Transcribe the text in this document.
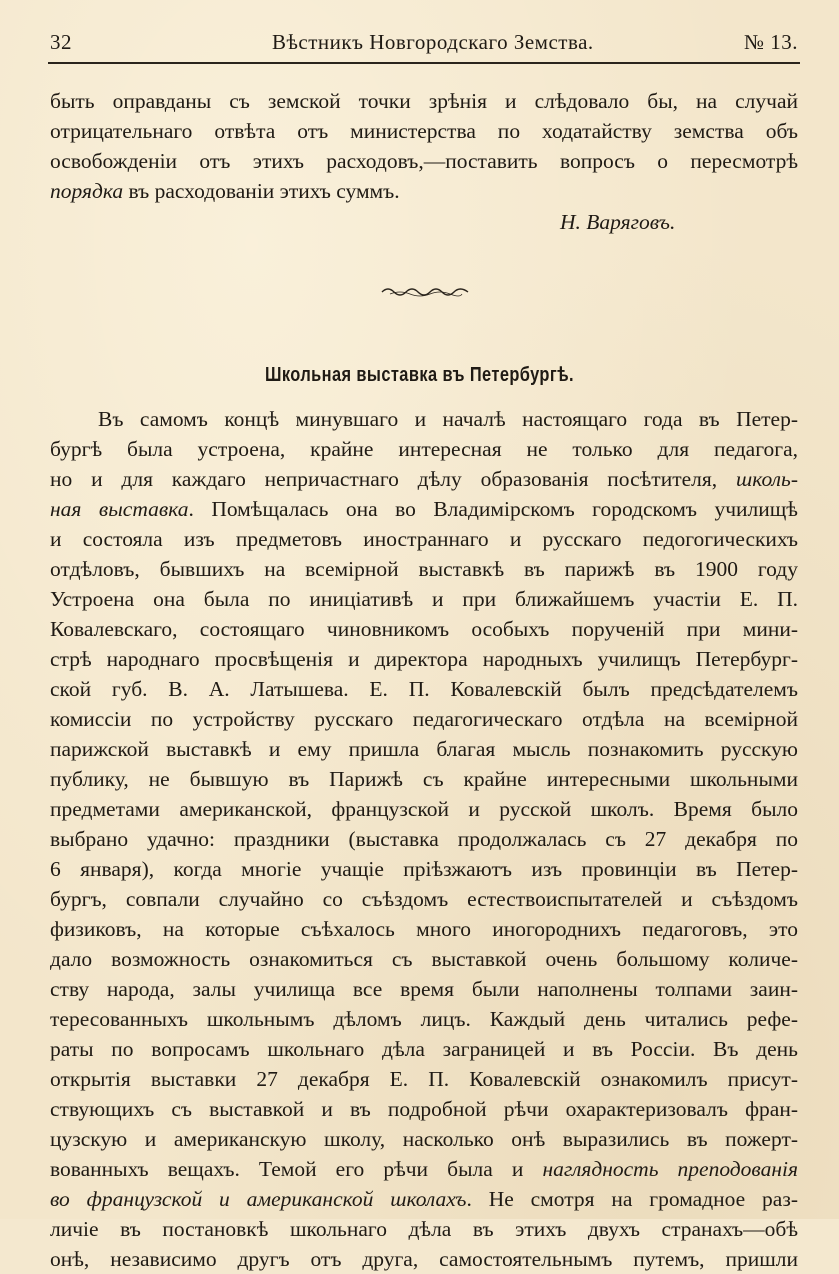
32	Вѣстникъ Новгородскаго Земства.	№ 13.
быть оправданы съ земской точки зрѣнія и слѣдовало бы, на случай
отрицательнаго отвѣта отъ министерства по ходатайству земства объ
освобожденіи отъ этихъ расходовъ,—поставить вопросъ о пересмотрѣ
порядка въ расходованіи этихъ суммъ.
Н. Варяговъ.
Школьная выставка въ Петербургѣ.
Въ самомъ концѣ минувшаго и началѣ настоящаго года въ Петер-
бургѣ была устроена, крайне интересная не только для педагога,
но и для каждаго непричастнаго дѣлу образованія посѣтителя, школь-
ная выставка. Помѣщалась она во Владимірскомъ городскомъ училищѣ
и состояла изъ предметовъ иностраннаго и русскаго педогогическихъ
отдѣловъ, бывшихъ на всемірной выставкѣ въ парижѣ въ 1900 году
Устроена она была по иниціативѣ и при ближайшемъ участіи Е. П.
Ковалевскаго, состоящаго чиновникомъ особыхъ порученій при мини-
стрѣ народнаго просвѣщенія и директора народныхъ училищъ Петербург-
ской губ. В. А. Латышева. Е. П. Ковалевскій былъ предсѣдателемъ
комиссіи по устройству русскаго педагогическаго отдѣла на всемірной
парижской выставкѣ и ему пришла благая мысль познакомить русскую
публику, не бывшую въ Парижѣ съ крайне интересными школьными
предметами американской, французской и русской школъ. Время было
выбрано удачно: праздники (выставка продолжалась съ 27 декабря по
6 января), когда многіе учащіе пріѣзжаютъ изъ провинціи въ Петер-
бургъ, совпали случайно со съѣздомъ естествоиспытателей и съѣздомъ
физиковъ, на которые съѣхалось много иногороднихъ педагоговъ, это
дало возможность ознакомиться съ выставкой очень большому количе-
ству народа, залы училища все время были наполнены толпами заин-
тересованныхъ школьнымъ дѣломъ лицъ. Каждый день читались рефе-
раты по вопросамъ школьнаго дѣла заграницей и въ Россіи. Въ день
открытія выставки 27 декабря Е. П. Ковалевскій ознакомилъ присут-
ствующихъ съ выставкой и въ подробной рѣчи охарактеризовалъ фран-
цузскую и американскую школу, насколько онѣ выразились въ пожерт-
вованныхъ вещахъ. Темой его рѣчи была и наглядность преподованія
во французской и американской школахъ. Не смотря на громадное раз-
личіе въ постановкѣ школьнаго дѣла въ этихъ двухъ странахъ—обѣ
онѣ, независимо другъ отъ друга, самостоятельнымъ путемъ, пришли
